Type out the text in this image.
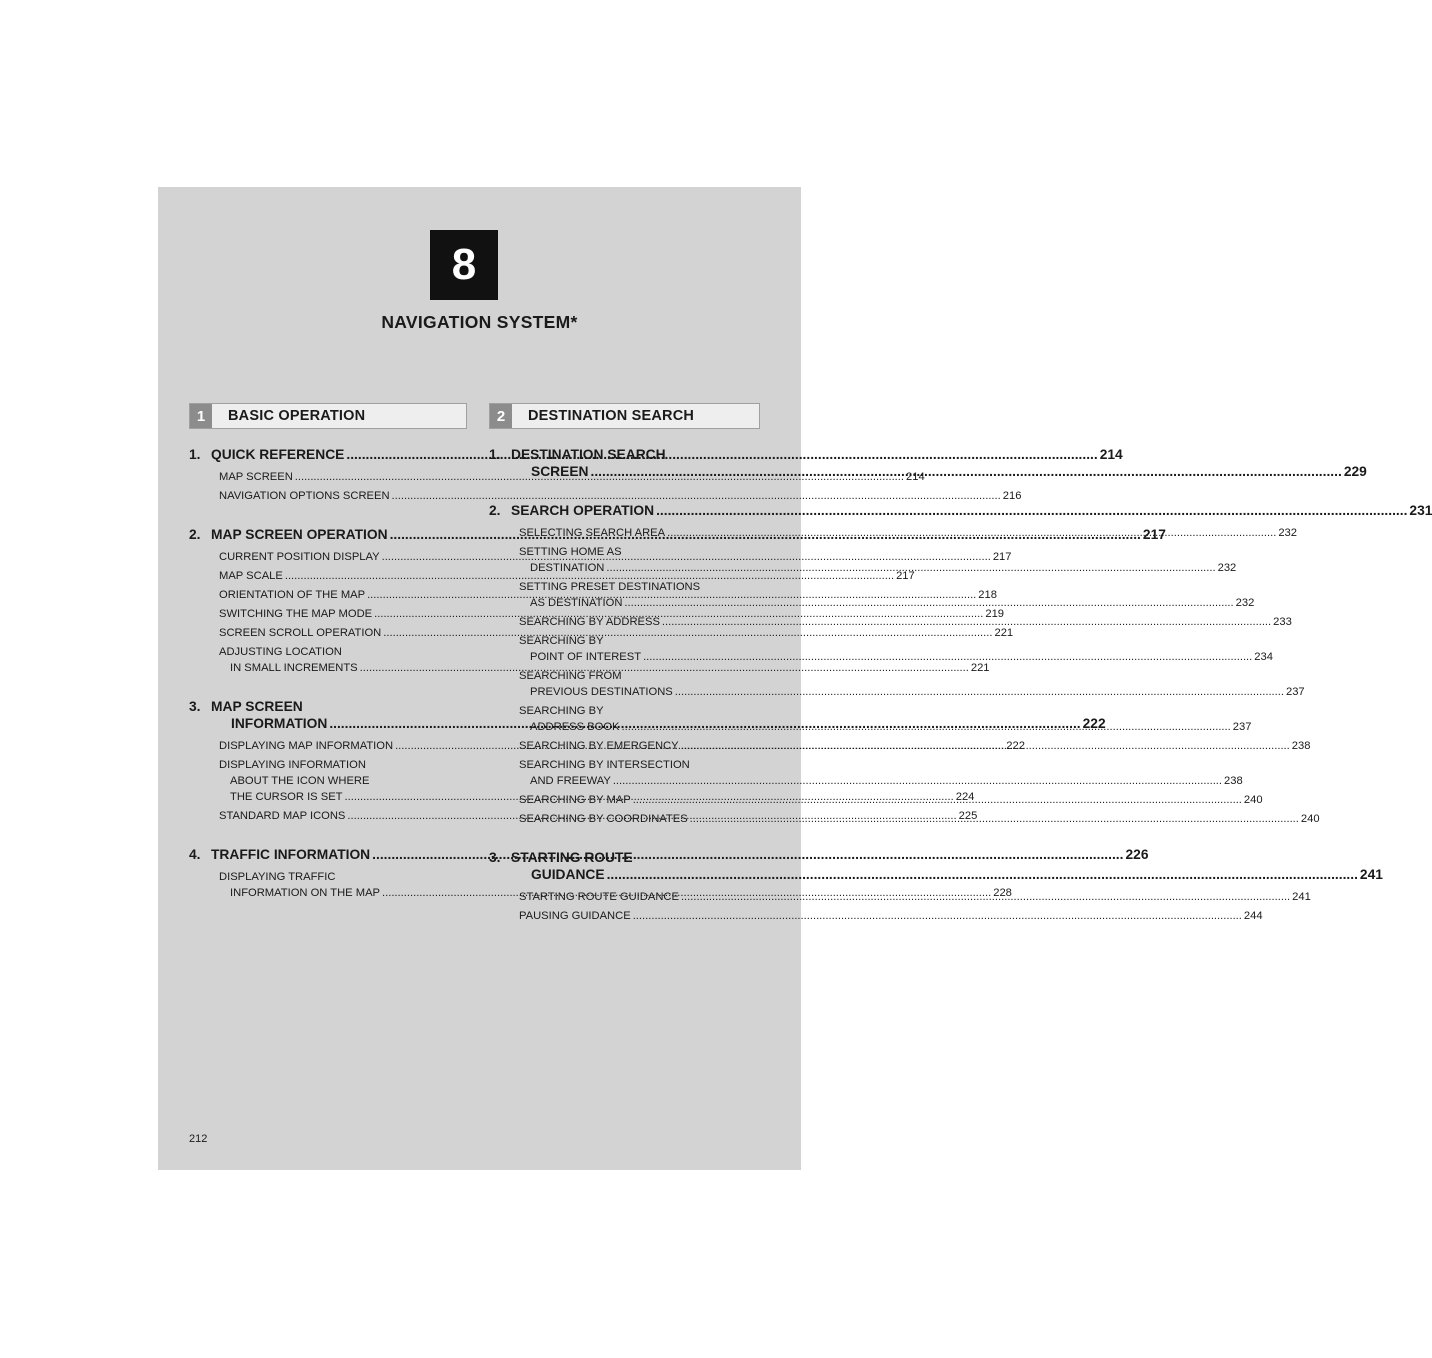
8
NAVIGATION SYSTEM*
1	BASIC OPERATION
1. QUICK REFERENCE .....	214
MAP SCREEN .....	214
NAVIGATION OPTIONS SCREEN .....	216
2. MAP SCREEN OPERATION .....	217
CURRENT POSITION DISPLAY .....	217
MAP SCALE .....	217
ORIENTATION OF THE MAP .....	218
SWITCHING THE MAP MODE .....	219
SCREEN SCROLL OPERATION .....	221
ADJUSTING LOCATION
IN SMALL INCREMENTS .....	221
3. MAP SCREEN
INFORMATION .....	222
DISPLAYING MAP INFORMATION .....	222
DISPLAYING INFORMATION
ABOUT THE ICON WHERE
THE CURSOR IS SET .....	224
STANDARD MAP ICONS .....	225
4. TRAFFIC INFORMATION .....	226
DISPLAYING TRAFFIC
INFORMATION ON THE MAP .....	228
2	DESTINATION SEARCH
1. DESTINATION SEARCH
SCREEN .....	229
2. SEARCH OPERATION .....	231
SELECTING SEARCH AREA .....	232
SETTING HOME AS
DESTINATION .....	232
SETTING PRESET DESTINATIONS
AS DESTINATION .....	232
SEARCHING BY ADDRESS .....	233
SEARCHING BY
POINT OF INTEREST .....	234
SEARCHING FROM
PREVIOUS DESTINATIONS .....	237
SEARCHING BY
ADDRESS BOOK .....	237
SEARCHING BY EMERGENCY .....	238
SEARCHING BY INTERSECTION
AND FREEWAY .....	238
SEARCHING BY MAP .....	240
SEARCHING BY COORDINATES .....	240
3. STARTING ROUTE
GUIDANCE .....	241
STARTING ROUTE GUIDANCE .....	241
PAUSING GUIDANCE .....	244
212
